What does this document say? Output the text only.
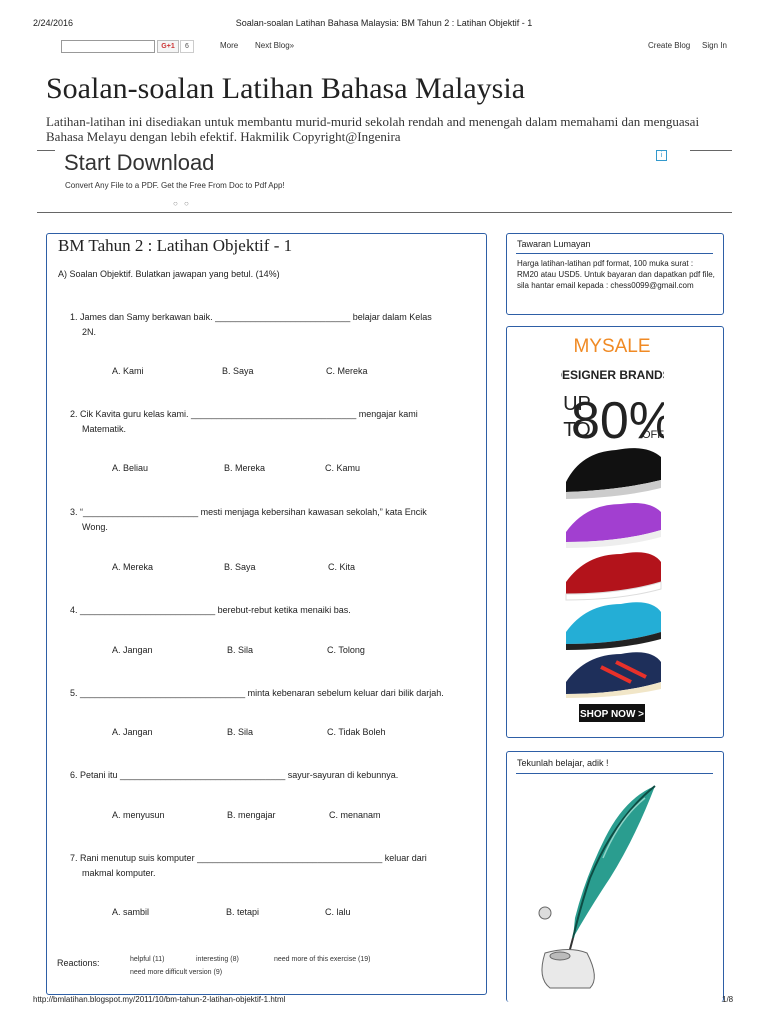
2/24/2016	Soalan-soalan Latihan Bahasa Malaysia: BM Tahun 2 : Latihan Objektif - 1
G+1	6	More Next Blog»	Create Blog Sign In
Soalan-soalan Latihan Bahasa Malaysia
Latihan-latihan ini disediakan untuk membantu murid-murid sekolah rendah and menengah dalam memahami dan menguasai Bahasa Melayu dengan lebih efektif. Hakmilik Copyright@Ingenira
Start Download
Convert Any File to a PDF. Get the Free From Doc to Pdf App!
○ ○
i
BM Tahun 2 : Latihan Objektif - 1
A) Soalan Objektif. Bulatkan jawapan yang betul. (14%)
1. James dan Samy berkawan baik. ___________________________ belajar dalam Kelas
2N.
A. Kami	B. Saya	C. Mereka
2. Cik Kavita guru kelas kami. _________________________________ mengajar kami
Matematik.
A. Beliau	B. Mereka	C. Kamu
3. “_______________________ mesti menjaga kebersihan kawasan sekolah,” kata Encik
Wong.
A. Mereka	B. Saya	C. Kita
4. ___________________________ berebut-rebut ketika menaiki bas.
A. Jangan	B. Sila	C. Tolong
5. _________________________________ minta kebenaran sebelum keluar dari bilik darjah.
A. Jangan	B. Sila	C. Tidak Boleh
6. Petani itu _________________________________ sayur-sayuran di kebunnya.
A. menyusun	B. mengajar	C. menanam
7. Rani menutup suis komputer _____________________________________ keluar dari
makmal komputer.
A. sambil	B. tetapi	C. lalu
Reactions:	helpful (11)	interesting (8)	need more of this exercise (19)
need more difficult version (9)
Tawaran Lumayan
Harga latihan-latihan pdf format, 100 muka surat : RM20 atau USD5. Untuk bayaran dan dapatkan pdf file, sila hantar email kepada : chess0099@gmail.com
MYSALE
ESIGNER BRAND
UP
TO
80	OFF
SHOP NOW >
Tekunlah belajar, adik !
http://bmlatihan.blogspot.my/2011/10/bm-tahun-2-latihan-objektif-1.html	1/8
